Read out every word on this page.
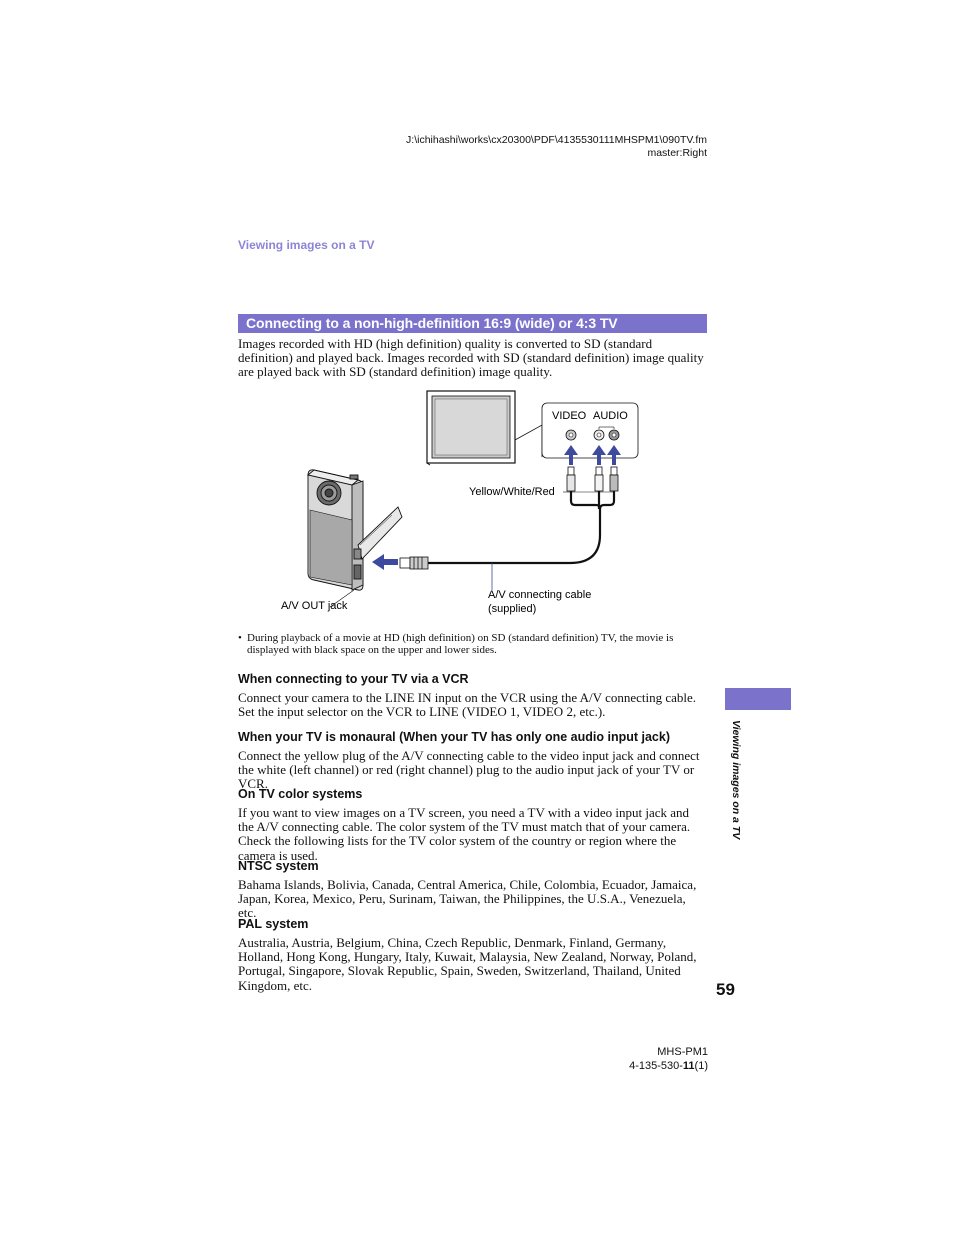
J:\ichihashi\works\cx20300\PDF\4135530111MHSPM1\090TV.fm
master:Right
Viewing images on a TV
Connecting to a non-high-definition 16:9 (wide) or 4:3 TV
Images recorded with HD (high definition) quality is converted to SD (standard definition) and played back. Images recorded with SD (standard definition) image quality are played back with SD (standard definition) image quality.
VIDEO AUDIO
Yellow/White/Red
A/V OUT jack
A/V connecting cable
(supplied)
• During playback of a movie at HD (high definition) on SD (standard definition) TV, the movie is displayed with black space on the upper and lower sides.
When connecting to your TV via a VCR
Connect your camera to the LINE IN input on the VCR using the A/V connecting cable. Set the input selector on the VCR to LINE (VIDEO 1, VIDEO 2, etc.).
When your TV is monaural (When your TV has only one audio input jack)
Connect the yellow plug of the A/V connecting cable to the video input jack and connect the white (left channel) or red (right channel) plug to the audio input jack of your TV or VCR.
On TV color systems
If you want to view images on a TV screen, you need a TV with a video input jack and the A/V connecting cable. The color system of the TV must match that of your camera. Check the following lists for the TV color system of the country or region where the camera is used.
NTSC system
Bahama Islands, Bolivia, Canada, Central America, Chile, Colombia, Ecuador, Jamaica, Japan, Korea, Mexico, Peru, Surinam, Taiwan, the Philippines, the U.S.A., Venezuela, etc.
PAL system
Australia, Austria, Belgium, China, Czech Republic, Denmark, Finland, Germany, Holland, Hong Kong, Hungary, Italy, Kuwait, Malaysia, New Zealand, Norway, Poland, Portugal, Singapore, Slovak Republic, Spain, Sweden, Switzerland, Thailand, United Kingdom, etc.
Viewing images on a TV
59
MHS-PM1
4-135-530-11(1)
